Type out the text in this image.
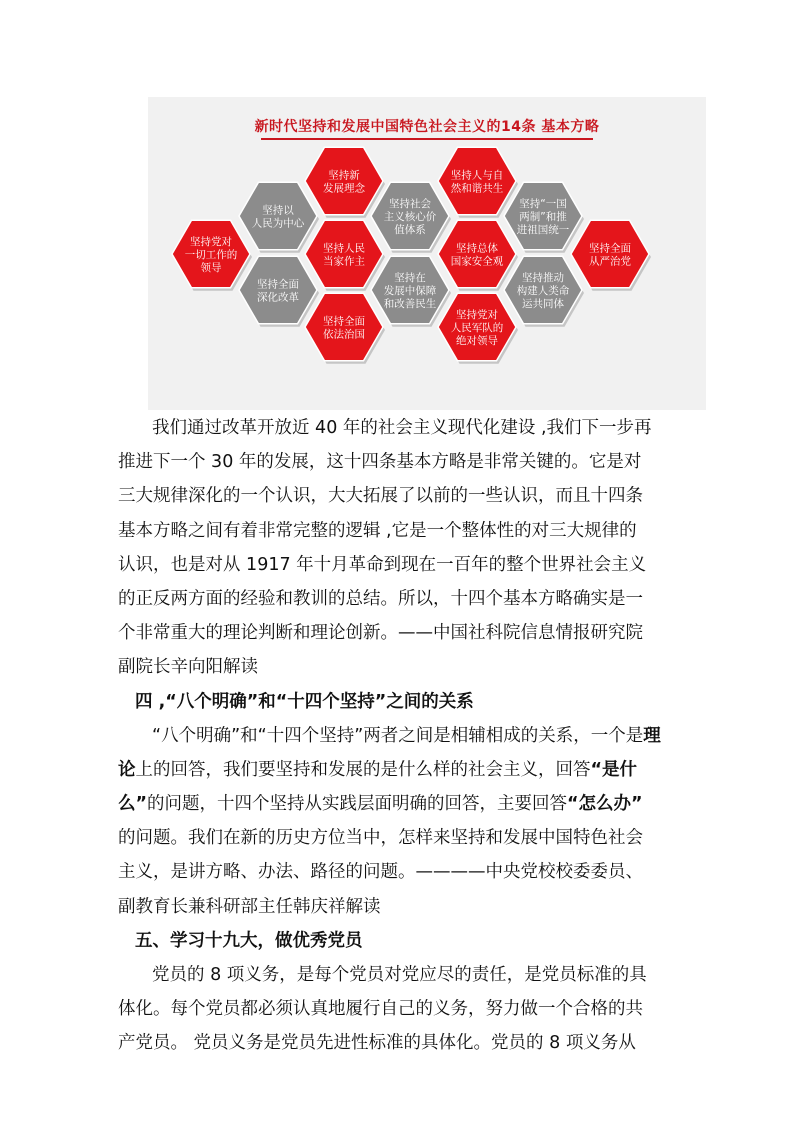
新时代坚持和发展中国特色社会主义的14条 基本方略
坚持党对
一切工作的
领导
坚持以
人民为中心
坚持全面
深化改革
坚持新
发展理念
坚持人民
当家作主
坚持全面
依法治国
坚持社会
主义核心价
值体系
坚持在
发展中保障
和改善民生
坚持人与自
然和谐共生
坚持总体
国家安全观
坚持党对
人民军队的
绝对领导
坚持“一国
两制”和推
进祖国统一
坚持推动
构建人类命
运共同体
坚持全面
从严治党
我们通过改革开放近 40 年的社会主义现代化建设 ,我们下一步再
推进下一个 30 年的发展，这十四条基本方略是非常关键的。它是对
三大规律深化的一个认识，大大拓展了以前的一些认识，而且十四条
基本方略之间有着非常完整的逻辑 ,它是一个整体性的对三大规律的
认识，也是对从 1917 年十月革命到现在一百年的整个世界社会主义
的正反两方面的经验和教训的总结。所以，十四个基本方略确实是一
个非常重大的理论判断和理论创新。——中国社科院信息情报研究院
副院长辛向阳解读
四 ,“八个明确”和“十四个坚持”之间的关系
“八个明确”和“十四个坚持”两者之间是相辅相成的关系，一个是理
论上的回答，我们要坚持和发展的是什么样的社会主义，回答“是什
么”的问题，十四个坚持从实践层面明确的回答，主要回答“怎么办”
的问题。我们在新的历史方位当中，怎样来坚持和发展中国特色社会
主义，是讲方略、办法、路径的问题。————中央党校校委委员、
副教育长兼科研部主任韩庆祥解读
五、学习十九大，做优秀党员
党员的 8 项义务，是每个党员对党应尽的责任，是党员标准的具
体化。每个党员都必须认真地履行自己的义务，努力做一个合格的共
产党员。 党员义务是党员先进性标准的具体化。党员的 8 项义务从
